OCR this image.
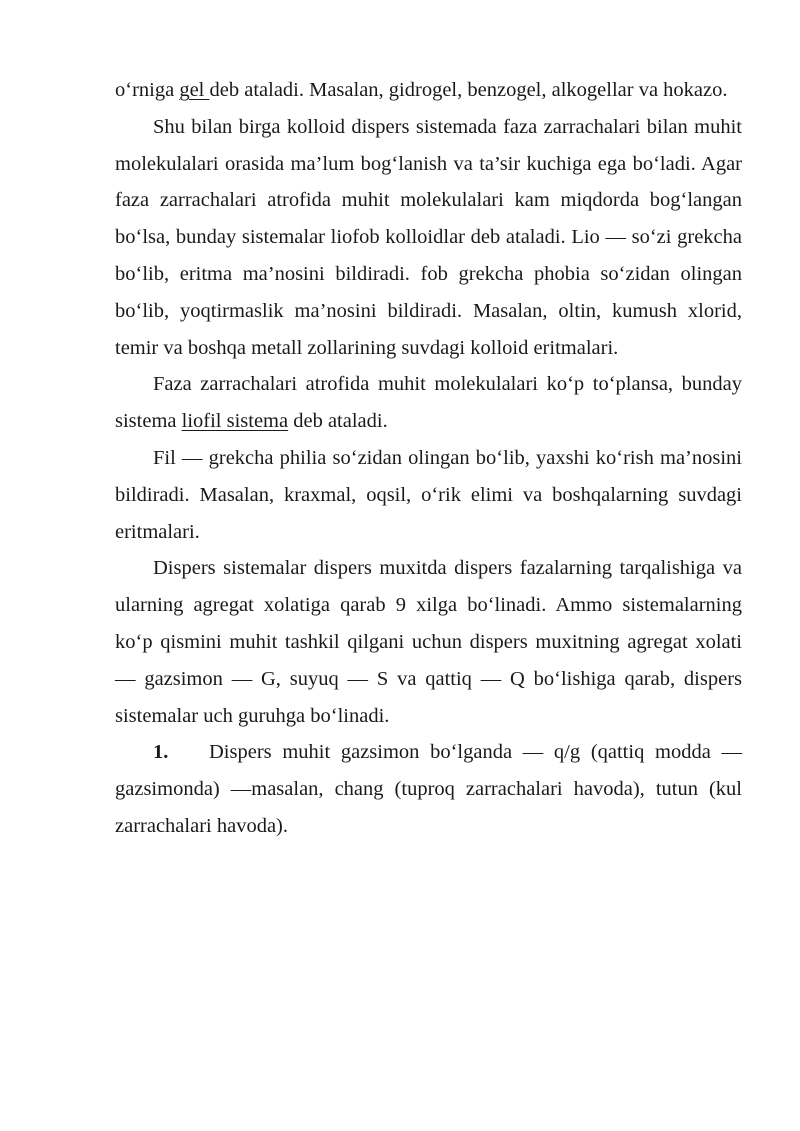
o‘rniga gel deb ataladi. Masalan, gidrogel, benzogel, alkogellar va hokazo.

Shu bilan birga kolloid dispers sistemada faza zarrachalari bilan muhit molekulalari orasida ma’lum bog‘lanish va ta’sir kuchiga ega bo‘ladi. Agar faza zarrachalari atrofida muhit molekulalari kam miqdorda bog‘langan bo‘lsa, bunday sistemalar liofob kolloidlar deb ataladi. Lio — so‘zi grekcha bo‘lib, eritma ma’nosini bildiradi. fob grekcha phobia so‘zidan olingan bo‘lib, yoqtirmaslik ma’nosini bildiradi. Masalan, oltin, kumush xlorid, temir va boshqa metall zollarining suvdagi kolloid eritmalari.

Faza zarrachalari atrofida muhit molekulalari ko‘p to‘plansa, bunday sistema liofil sistema deb ataladi.

Fil — grekcha philia so‘zidan olingan bo‘lib, yaxshi ko‘rish ma’nosini bildiradi. Masalan, kraxmal, oqsil, o‘rik elimi va boshqalarning suvdagi eritmalari.

Dispers sistemalar dispers muxitda dispers fazalarning tarqalishiga va ularning agregat xolatiga qarab 9 xilga bo‘linadi. Ammo sistemalarning ko‘p qismini muhit tashkil qilgani uchun dispers muxitning agregat xolati — gazsimon — G, suyuq — S va qattiq — Q bo‘lishiga qarab, dispers sistemalar uch guruhga bo‘linadi.

1. Dispers muhit gazsimon bo‘lganda — q/g (qattiq modda — gazsimonda) —masalan, chang (tuproq zarrachalari havoda), tutun (kul zarrachalari havoda).
